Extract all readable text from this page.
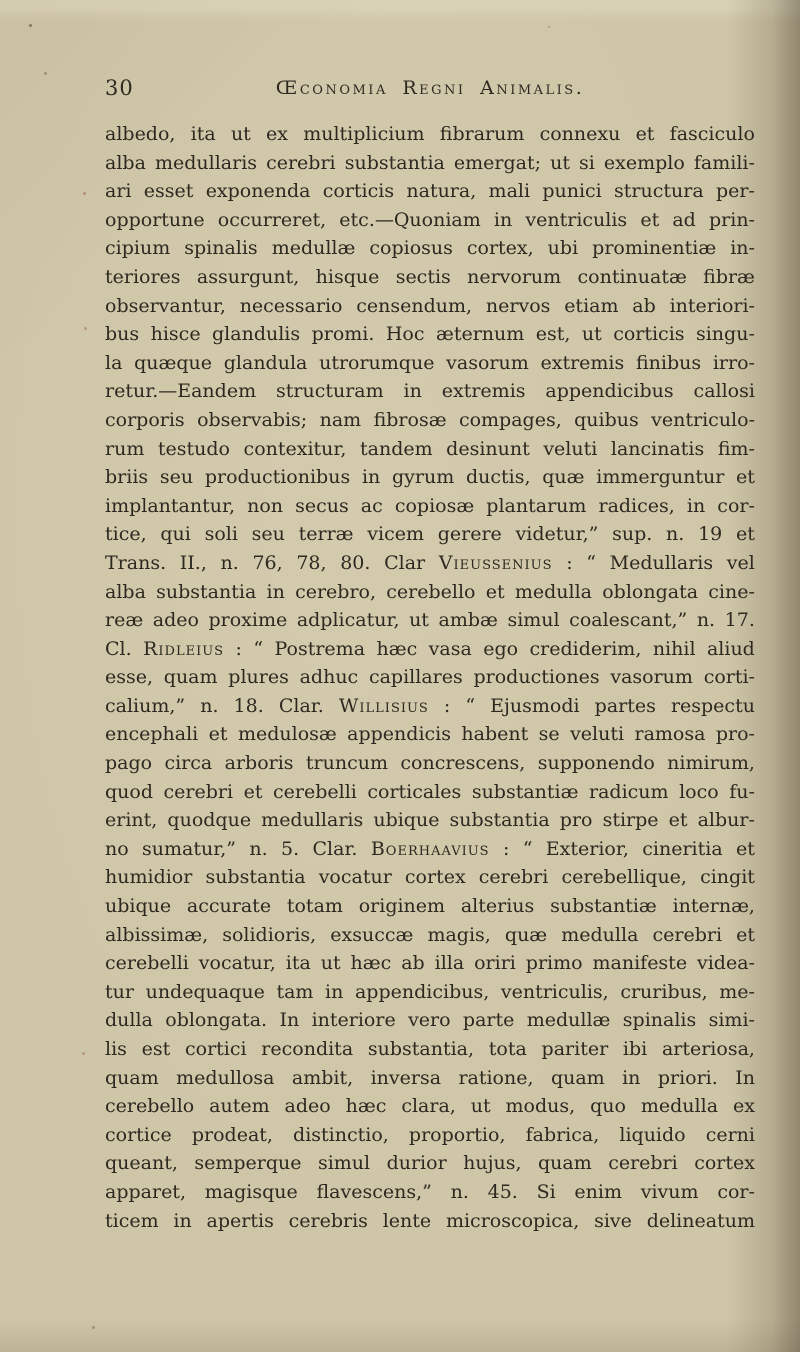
30	Œconomia Regni Animalis.
albedo, ita ut ex multiplicium fibrarum connexu et fasciculo
alba medullaris cerebri substantia emergat; ut si exemplo famili-
ari esset exponenda corticis natura, mali punici structura per-
opportune occurreret, etc.—Quoniam in ventriculis et ad prin-
cipium spinalis medullæ copiosus cortex, ubi prominentiæ in-
teriores assurgunt, hisque sectis nervorum continuatæ fibræ
observantur, necessario censendum, nervos etiam ab interiori-
bus hisce glandulis promi. Hoc æternum est, ut corticis singu-
la quæque glandula utrorumque vasorum extremis finibus irro-
retur.—Eandem structuram in extremis appendicibus callosi
corporis observabis; nam fibrosæ compages, quibus ventriculo-
rum testudo contexitur, tandem desinunt veluti lancinatis fim-
briis seu productionibus in gyrum ductis, quæ immerguntur et
implantantur, non secus ac copiosæ plantarum radices, in cor-
tice, qui soli seu terræ vicem gerere videtur,” sup. n. 19 et
Trans. II., n. 76, 78, 80. Clar Vieussenius : “ Medullaris vel
alba substantia in cerebro, cerebello et medulla oblongata cine-
reæ adeo proxime adplicatur, ut ambæ simul coalescant,” n. 17.
Cl. Ridleius : “ Postrema hæc vasa ego crediderim, nihil aliud
esse, quam plures adhuc capillares productiones vasorum corti-
calium,” n. 18. Clar. Willisius : “ Ejusmodi partes respectu
encephali et medulosæ appendicis habent se veluti ramosa pro-
pago circa arboris truncum concrescens, supponendo nimirum,
quod cerebri et cerebelli corticales substantiæ radicum loco fu-
erint, quodque medullaris ubique substantia pro stirpe et albur-
no sumatur,” n. 5. Clar. Boerhaavius : “ Exterior, cineritia et
humidior substantia vocatur cortex cerebri cerebellique, cingit
ubique accurate totam originem alterius substantiæ internæ,
albissimæ, solidioris, exsuccæ magis, quæ medulla cerebri et
cerebelli vocatur, ita ut hæc ab illa oriri primo manifeste videa-
tur undequaque tam in appendicibus, ventriculis, cruribus, me-
dulla oblongata. In interiore vero parte medullæ spinalis simi-
lis est cortici recondita substantia, tota pariter ibi arteriosa,
quam medullosa ambit, inversa ratione, quam in priori. In
cerebello autem adeo hæc clara, ut modus, quo medulla ex
cortice prodeat, distinctio, proportio, fabrica, liquido cerni
queant, semperque simul durior hujus, quam cerebri cortex
apparet, magisque flavescens,” n. 45. Si enim vivum cor-
ticem in apertis cerebris lente microscopica, sive delineatum
